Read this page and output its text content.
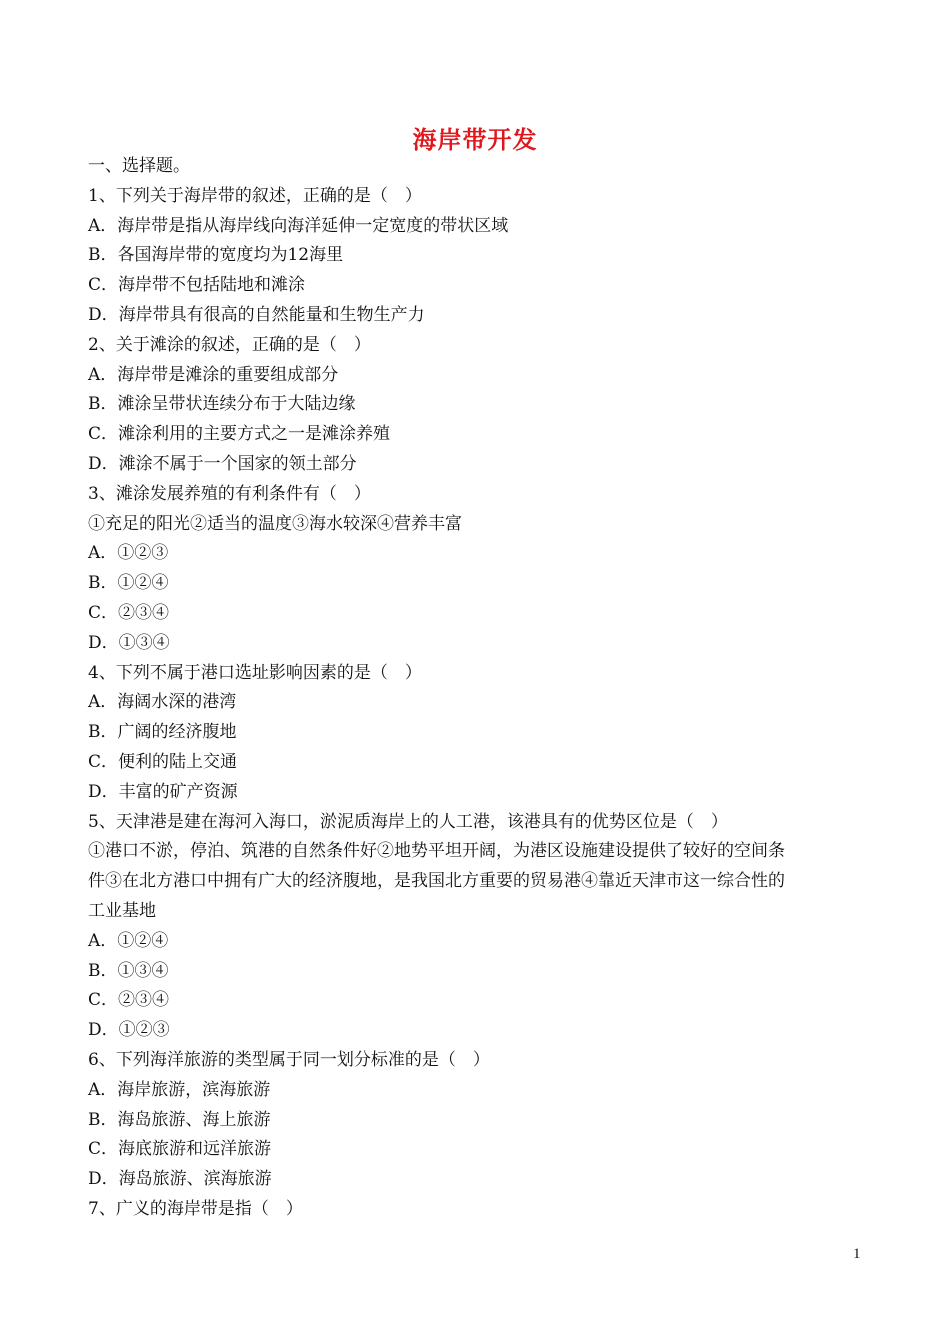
海岸带开发
一、选择题。
1、下列关于海岸带的叙述，正确的是（　）
A．海岸带是指从海岸线向海洋延伸一定宽度的带状区域
B．各国海岸带的宽度均为12海里
C．海岸带不包括陆地和滩涂
D．海岸带具有很高的自然能量和生物生产力
2、关于滩涂的叙述，正确的是（　）
A．海岸带是滩涂的重要组成部分
B．滩涂呈带状连续分布于大陆边缘
C．滩涂利用的主要方式之一是滩涂养殖
D．滩涂不属于一个国家的领土部分
3、滩涂发展养殖的有利条件有（　）
①充足的阳光②适当的温度③海水较深④营养丰富
A．①②③
B．①②④
C．②③④
D．①③④
4、下列不属于港口选址影响因素的是（　）
A．海阔水深的港湾
B．广阔的经济腹地
C．便利的陆上交通
D．丰富的矿产资源
5、天津港是建在海河入海口，淤泥质海岸上的人工港，该港具有的优势区位是（　）
①港口不淤，停泊、筑港的自然条件好②地势平坦开阔，为港区设施建设提供了较好的空间条
件③在北方港口中拥有广大的经济腹地，是我国北方重要的贸易港④靠近天津市这一综合性的
工业基地
A．①②④
B．①③④
C．②③④
D．①②③
6、下列海洋旅游的类型属于同一划分标准的是（　）
A．海岸旅游，滨海旅游
B．海岛旅游、海上旅游
C．海底旅游和远洋旅游
D．海岛旅游、滨海旅游
7、广义的海岸带是指（　）
1
